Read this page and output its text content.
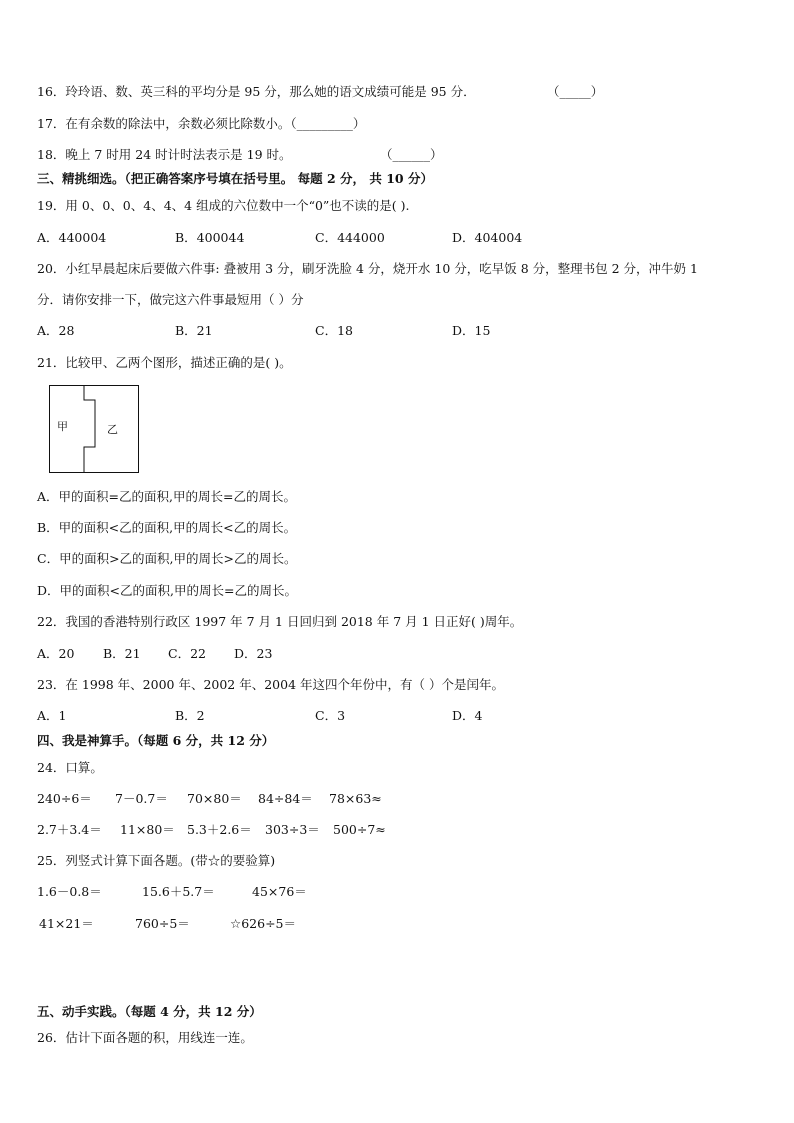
16．玲玲语、数、英三科的平均分是 95 分，那么她的语文成绩可能是 95 分．	（_____）
17．在有余数的除法中，余数必须比除数小。（_________）
18．晚上 7 时用 24 时计时法表示是 19 时。	（______）
三、精挑细选。（把正确答案序号填在括号里。 每题 2 分， 共 10 分）
19．用 0、0、0、4、4、4 组成的六位数中一个“0”也不读的是( ).
A．440004	B．400044	C．444000	D．404004
20．小红早晨起床后要做六件事: 叠被用 3 分，刷牙洗脸 4 分，烧开水 10 分，吃早饭 8 分，整理书包 2 分，冲牛奶 1
分．请你安排一下，做完这六件事最短用（ ）分
A．28	B．21	C．18	D．15
21．比较甲、乙两个图形，描述正确的是( )。
甲	乙
A．甲的面积=乙的面积,甲的周长=乙的周长。
B．甲的面积<乙的面积,甲的周长<乙的周长。
C．甲的面积>乙的面积,甲的周长>乙的周长。
D．甲的面积<乙的面积,甲的周长=乙的周长。
22．我国的香港特别行政区 1997 年 7 月 1 日回归到 2018 年 7 月 1 日正好( )周年。
A．20 B．21 C．22 D．23
23．在 1998 年、2000 年、2002 年、2004 年这四个年份中，有（ ）个是闰年。
A．1	B．2	C．3	D．4
四、我是神算手。（每题 6 分，共 12 分）
24．口算。
240÷6＝ 7－0.7＝ 70×80＝ 84÷84＝ 78×63≈
2.7＋3.4＝ 11×80＝ 5.3＋2.6＝ 303÷3＝ 500÷7≈
25．列竖式计算下面各题。(带☆的要验算)
1.6－0.8＝	15.6＋5.7＝	45×76＝
41×21＝	760÷5＝	☆626÷5＝
五、动手实践。（每题 4 分，共 12 分）
26．估计下面各题的积，用线连一连。
